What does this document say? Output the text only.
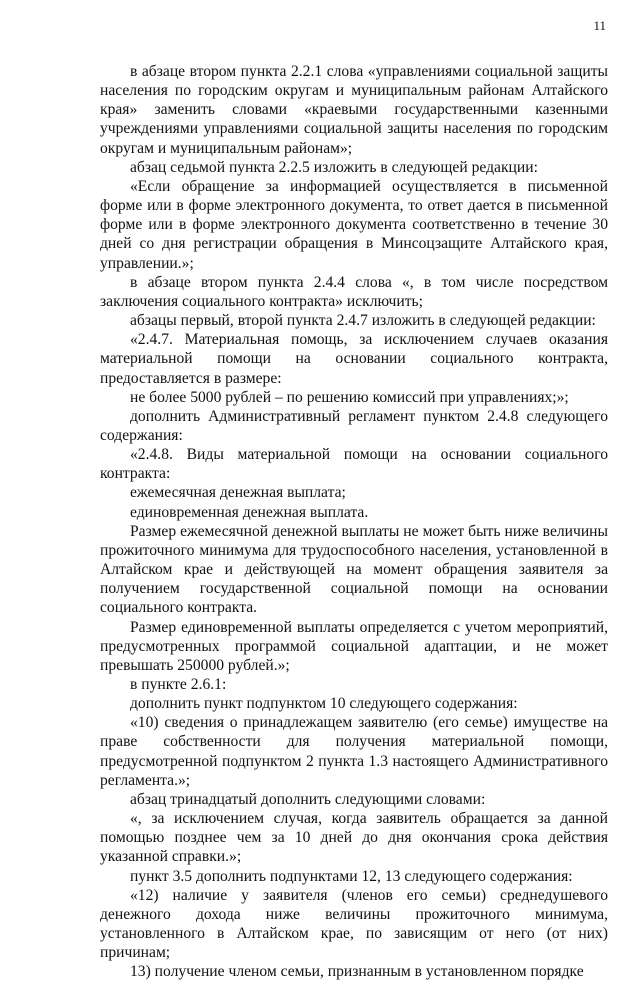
11

в абзаце втором пункта 2.2.1 слова «управлениями социальной защиты населения по городским округам и муниципальным районам Алтайского края» заменить словами «краевыми государственными казенными учреждениями управлениями социальной защиты населения по городским округам и муниципальным районам»;

абзац седьмой пункта 2.2.5 изложить в следующей редакции:

«Если обращение за информацией осуществляется в письменной форме или в форме электронного документа, то ответ дается в письменной форме или в форме электронного документа соответственно в течение 30 дней со дня регистрации обращения в Минсоцзащите Алтайского края, управлении.»;

в абзаце втором пункта 2.4.4 слова «, в том числе посредством заключения социального контракта» исключить;

абзацы первый, второй пункта 2.4.7 изложить в следующей редакции:

«2.4.7. Материальная помощь, за исключением случаев оказания материальной помощи на основании социального контракта, предоставляется в размере:

не более 5000 рублей – по решению комиссий при управлениях;»;

дополнить Административный регламент пунктом 2.4.8 следующего содержания:

«2.4.8. Виды материальной помощи на основании социального контракта:

ежемесячная денежная выплата;

единовременная денежная выплата.

Размер ежемесячной денежной выплаты не может быть ниже величины прожиточного минимума для трудоспособного населения, установленной в Алтайском крае и действующей на момент обращения заявителя за получением государственной социальной помощи на основании социального контракта.

Размер единовременной выплаты определяется с учетом мероприятий, предусмотренных программой социальной адаптации, и не может превышать 250000 рублей.»;

в пункте 2.6.1:

дополнить пункт подпунктом 10 следующего содержания:

«10) сведения о принадлежащем заявителю (его семье) имуществе на праве собственности для получения материальной помощи, предусмотренной подпунктом 2 пункта 1.3 настоящего Административного регламента.»;

абзац тринадцатый дополнить следующими словами:

«, за исключением случая, когда заявитель обращается за данной помощью позднее чем за 10 дней до дня окончания срока действия указанной справки.»;

пункт 3.5 дополнить подпунктами 12, 13 следующего содержания:

«12) наличие у заявителя (членов его семьи) среднедушевого денежного дохода ниже величины прожиточного минимума, установленного в Алтайском крае, по зависящим от него (от них) причинам;

13) получение членом семьи, признанным в установленном порядке
